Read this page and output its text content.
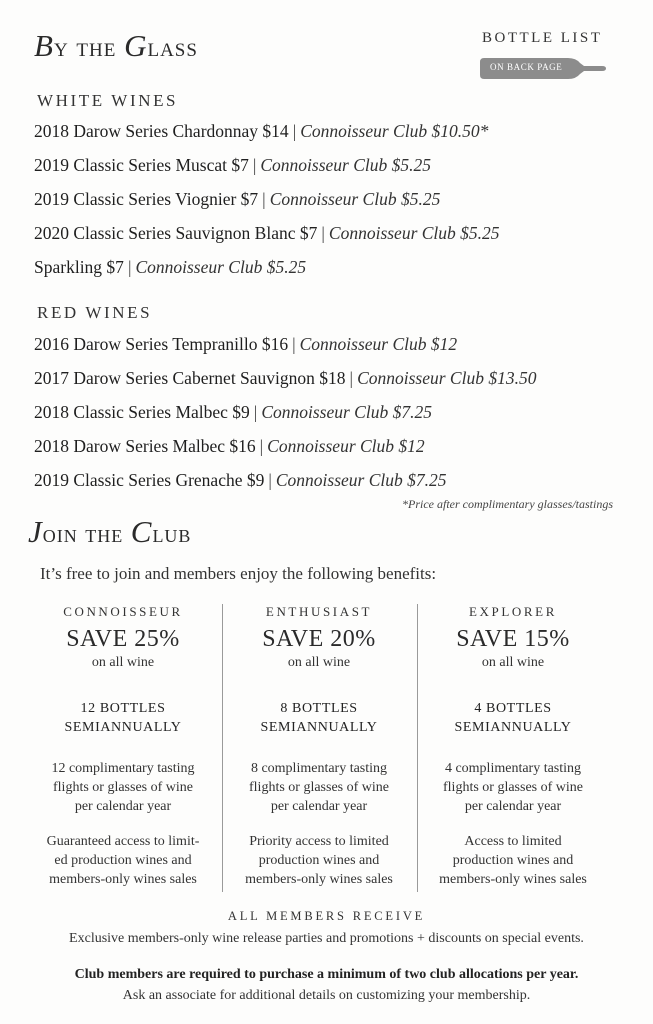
By the Glass	BOTTLE LIST
ON BACK PAGE
WHITE WINES
2018 Darow Series Chardonnay $14 | Connoisseur Club $10.50*
2019 Classic Series Muscat $7 | Connoisseur Club $5.25
2019 Classic Series Viognier $7 | Connoisseur Club $5.25
2020 Classic Series Sauvignon Blanc $7 | Connoisseur Club $5.25
Sparkling $7 | Connoisseur Club $5.25
RED WINES
2016 Darow Series Tempranillo $16 | Connoisseur Club $12
2017 Darow Series Cabernet Sauvignon $18 | Connoisseur Club $13.50
2018 Classic Series Malbec $9 | Connoisseur Club $7.25
2018 Darow Series Malbec $16 | Connoisseur Club $12
2019 Classic Series Grenache $9 | Connoisseur Club $7.25
*Price after complimentary glasses/tastings
Join the Club
It’s free to join and members enjoy the following benefits:
CONNOISSEUR
SAVE 25%
on all wine
12 BOTTLES
SEMIANNUALLY
12 complimentary tasting
flights or glasses of wine
per calendar year
Guaranteed access to limit-
ed production wines and
members-only wines sales
ENTHUSIAST
SAVE 20%
on all wine
8 BOTTLES
SEMIANNUALLY
8 complimentary tasting
flights or glasses of wine
per calendar year
Priority access to limited
production wines and
members-only wines sales
EXPLORER
SAVE 15%
on all wine
4 BOTTLES
SEMIANNUALLY
4 complimentary tasting
flights or glasses of wine
per calendar year
Access to limited
production wines and
members-only wines sales
ALL MEMBERS RECEIVE
Exclusive members-only wine release parties and promotions + discounts on special events.
Club members are required to purchase a minimum of two club allocations per year.
Ask an associate for additional details on customizing your membership.
